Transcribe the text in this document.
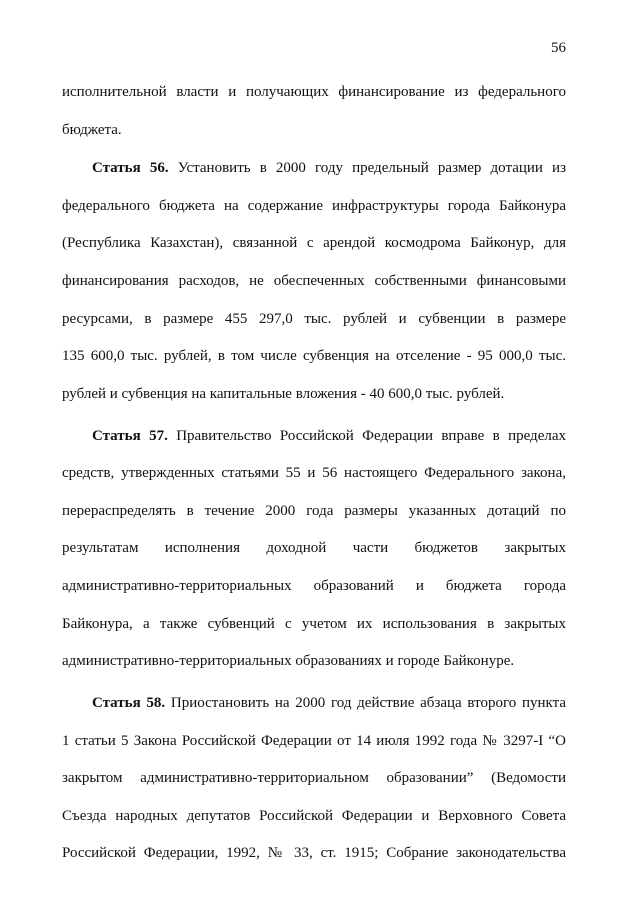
56
исполнительной власти и получающих финансирование из федерального
бюджета.
Статья 56. Установить в 2000 году предельный размер дотации из
федерального бюджета на содержание инфраструктуры города Байконура
(Республика Казахстан), связанной с арендой космодрома Байконур, для
финансирования расходов, не обеспеченных собственными финансовыми
ресурсами, в размере 455 297,0 тыс. рублей и субвенции в размере
135 600,0 тыс. рублей, в том числе субвенция на отселение - 95 000,0 тыс.
рублей и субвенция на капитальные вложения - 40 600,0 тыс. рублей.
Статья 57. Правительство Российской Федерации вправе в пределах
средств, утвержденных статьями 55 и 56 настоящего Федерального закона,
перераспределять в течение 2000 года размеры указанных дотаций по
результатам исполнения доходной части бюджетов закрытых
административно-территориальных образований и бюджета города
Байконура, а также субвенций с учетом их использования в закрытых
административно-территориальных образованиях и городе Байконуре.
Статья 58. Приостановить на 2000 год действие абзаца второго пункта
1 статьи 5 Закона Российской Федерации от 14 июля 1992 года № 3297-I “О
закрытом административно-территориальном образовании” (Ведомости
Съезда народных депутатов Российской Федерации и Верховного Совета
Российской Федерации, 1992, № 33, ст. 1915; Собрание законодательства
